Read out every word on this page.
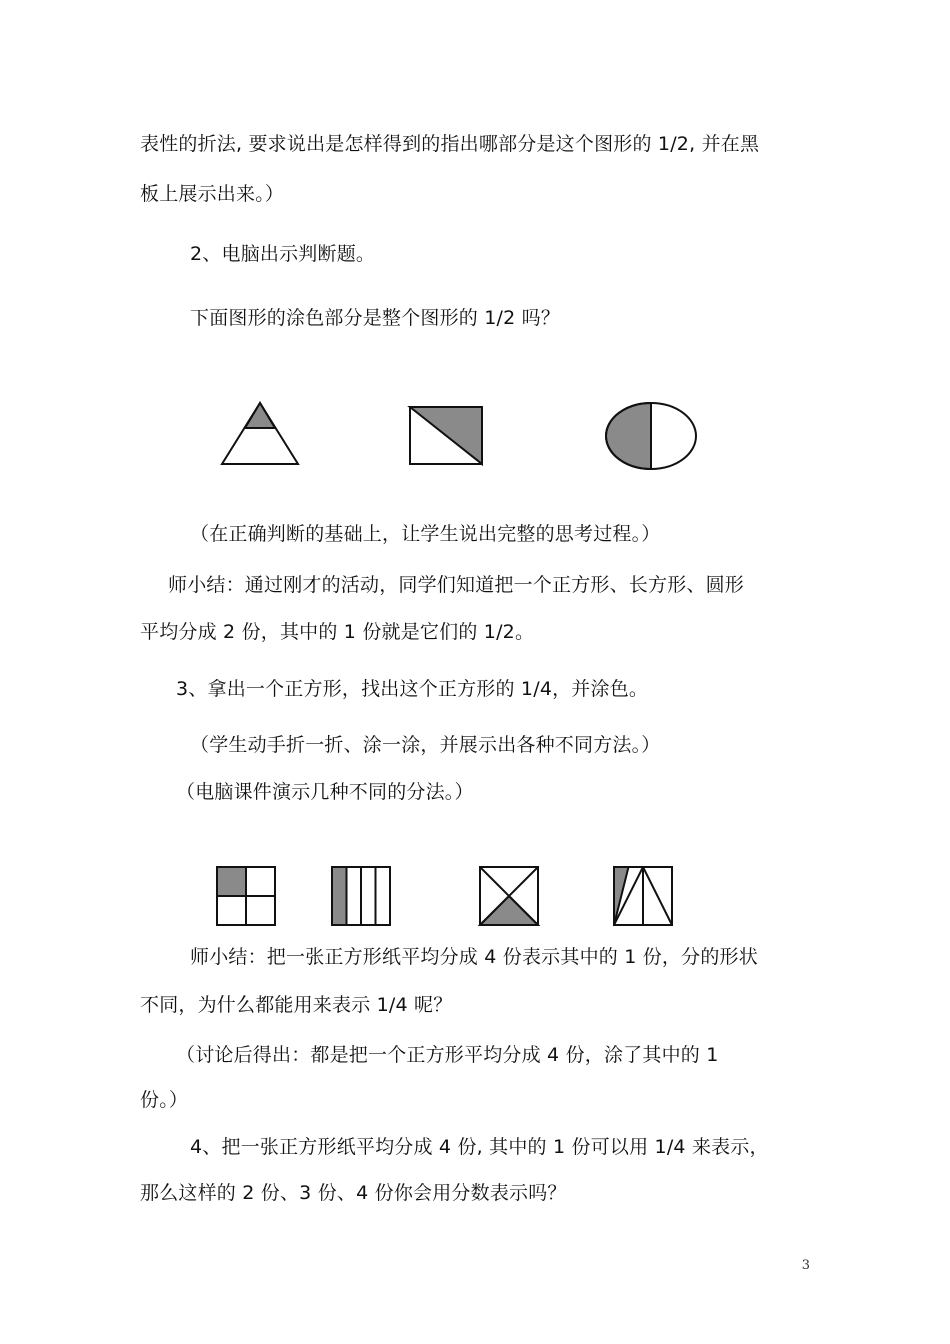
表性的折法, 要求说出是怎样得到的指出哪部分是这个图形的 1/2, 并在黑
板上展示出来。）
2、电脑出示判断题。
下面图形的涂色部分是整个图形的 1/2 吗？
（在正确判断的基础上，让学生说出完整的思考过程。）
师小结：通过刚才的活动，同学们知道把一个正方形、长方形、圆形
平均分成 2 份，其中的 1 份就是它们的 1/2。
3、拿出一个正方形，找出这个正方形的 1/4，并涂色。
（学生动手折一折、涂一涂，并展示出各种不同方法。）
（电脑课件演示几种不同的分法。）
师小结：把一张正方形纸平均分成 4 份表示其中的 1 份，分的形状
不同，为什么都能用来表示 1/4 呢？
（讨论后得出：都是把一个正方形平均分成 4 份，涂了其中的 1
份。）
4、把一张正方形纸平均分成 4 份, 其中的 1 份可以用 1/4 来表示，
那么这样的 2 份、3 份、4 份你会用分数表示吗？
3
